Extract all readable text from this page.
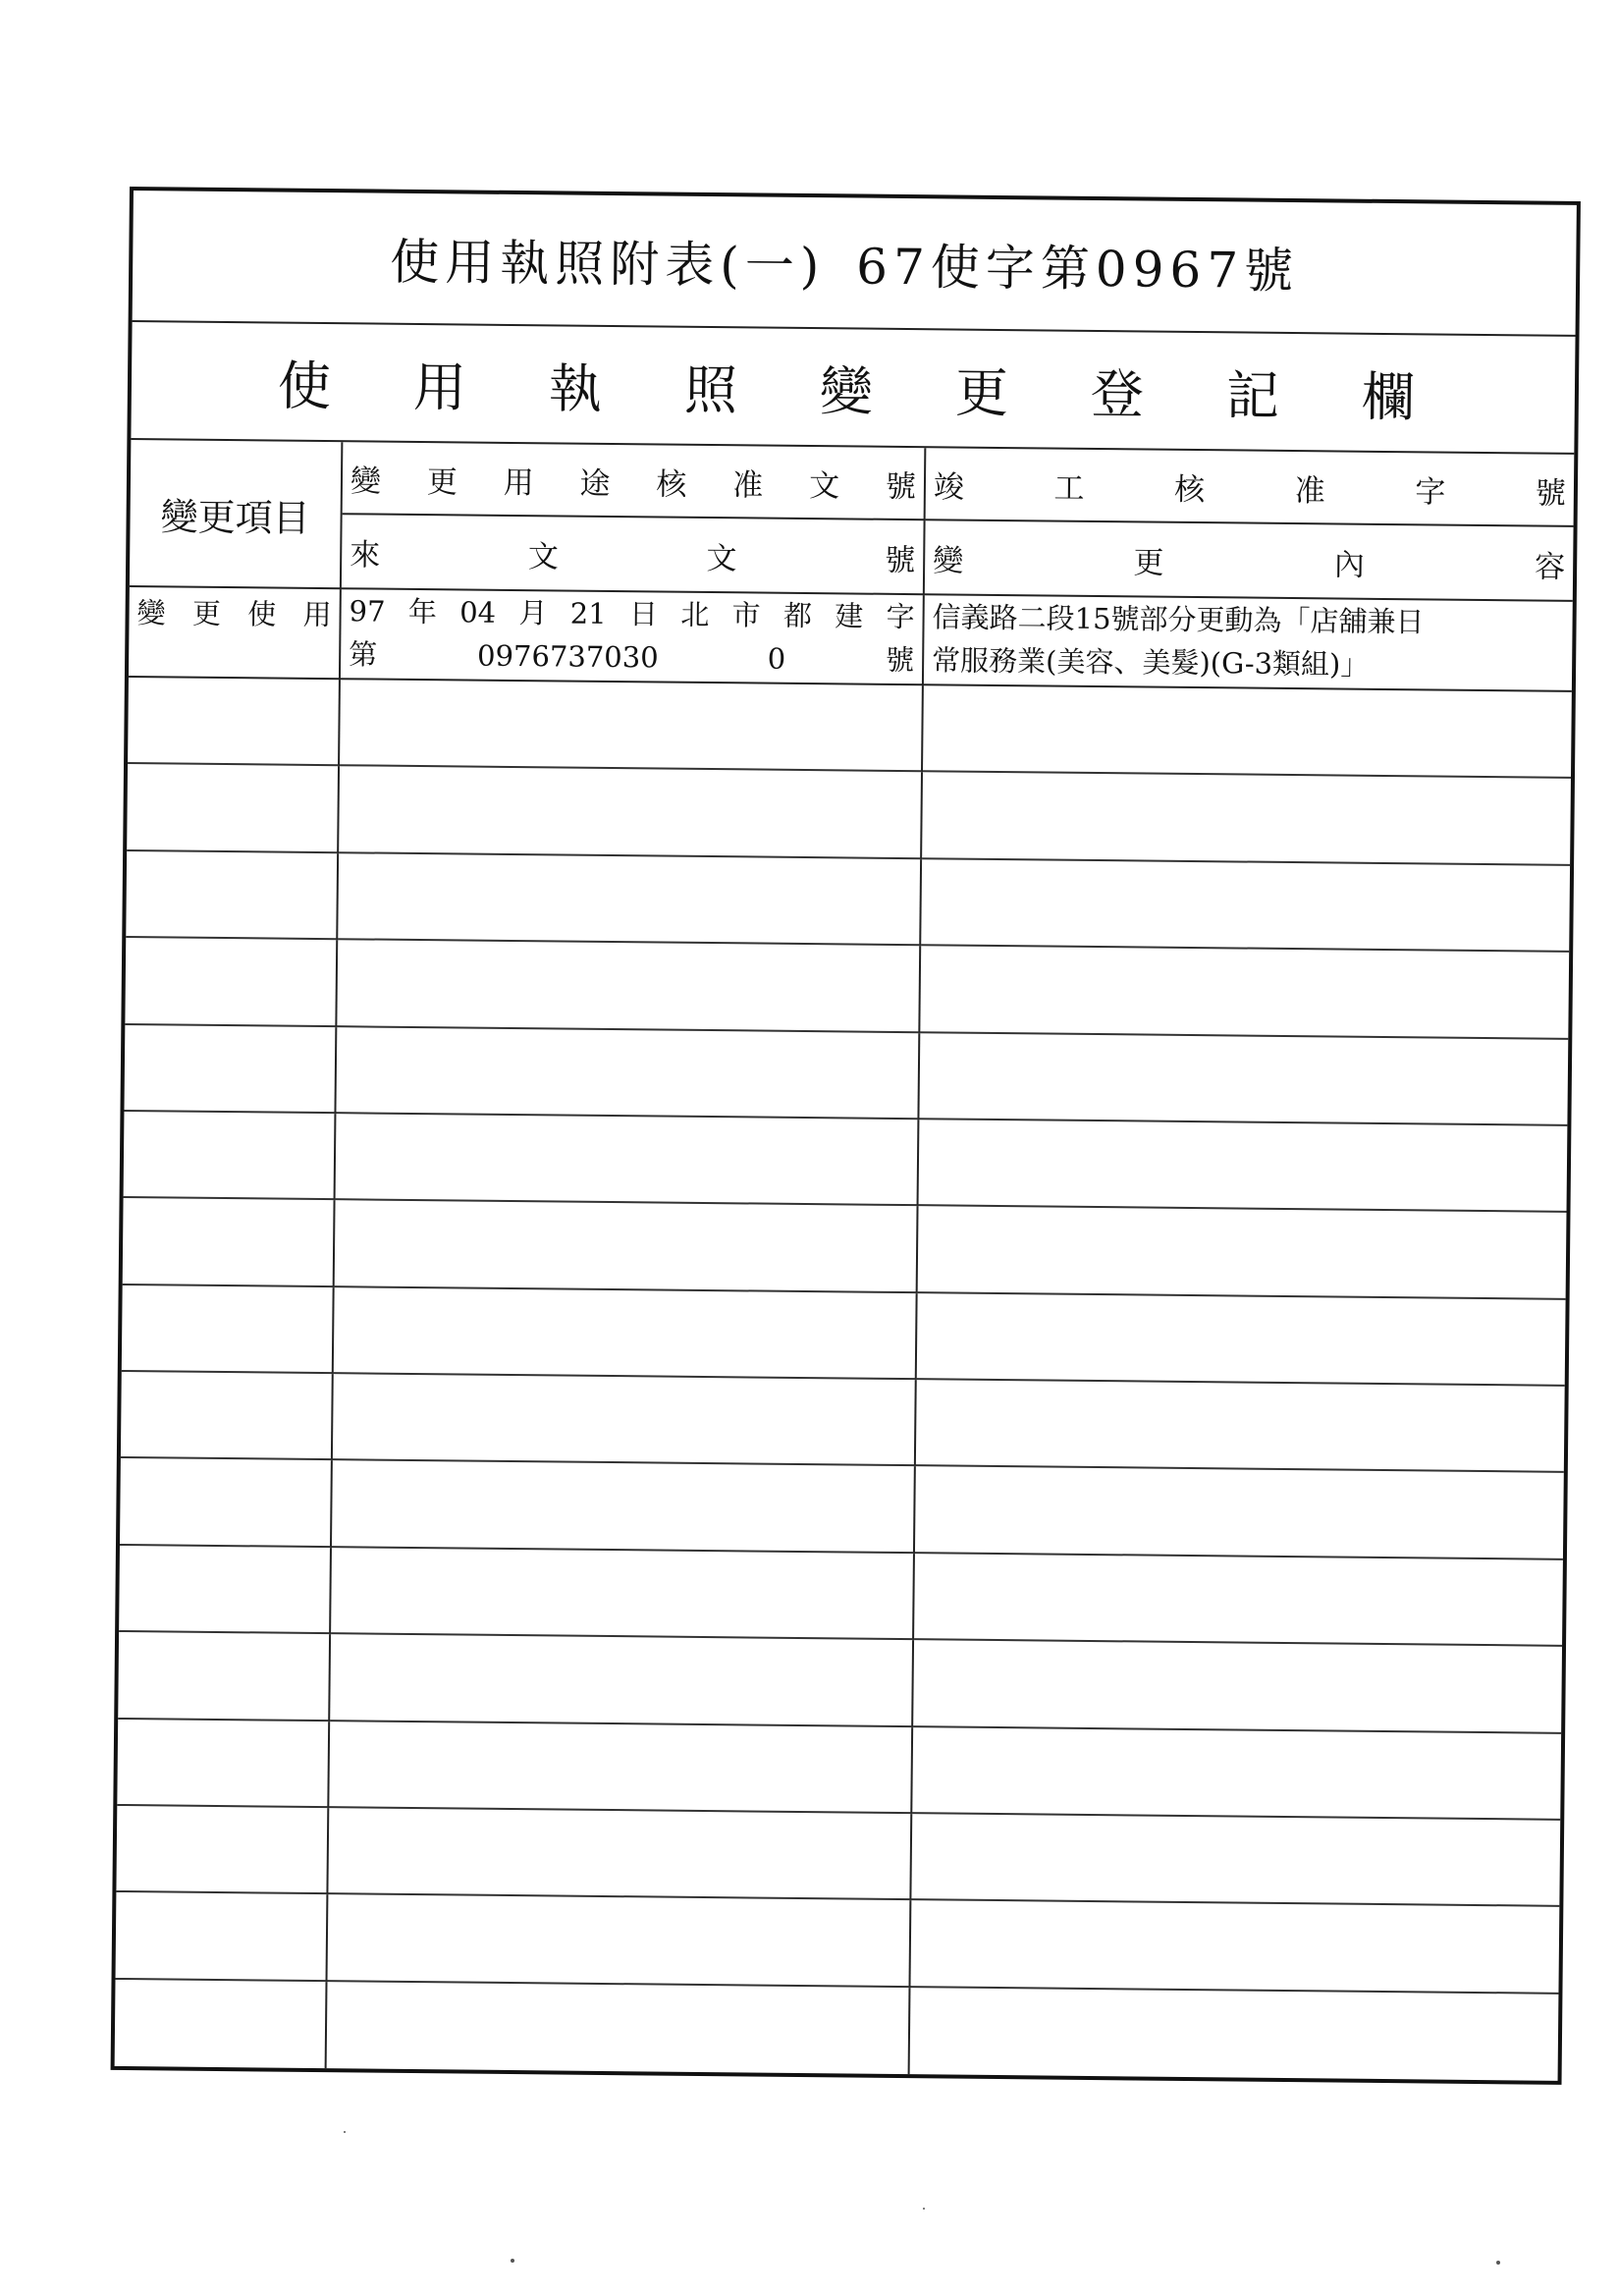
使用執照附表(一) 67使字第0967號
使用執照變更登記欄
變更項目
變更用途核准文號
來文文號
竣工核准字號
變更內容
變更使用 97年04月21日北市都建字
第0976737030 0號
信義路二段15號部分更動為「店舖兼日
常服務業(美容、美髮)(G-3類組)」
